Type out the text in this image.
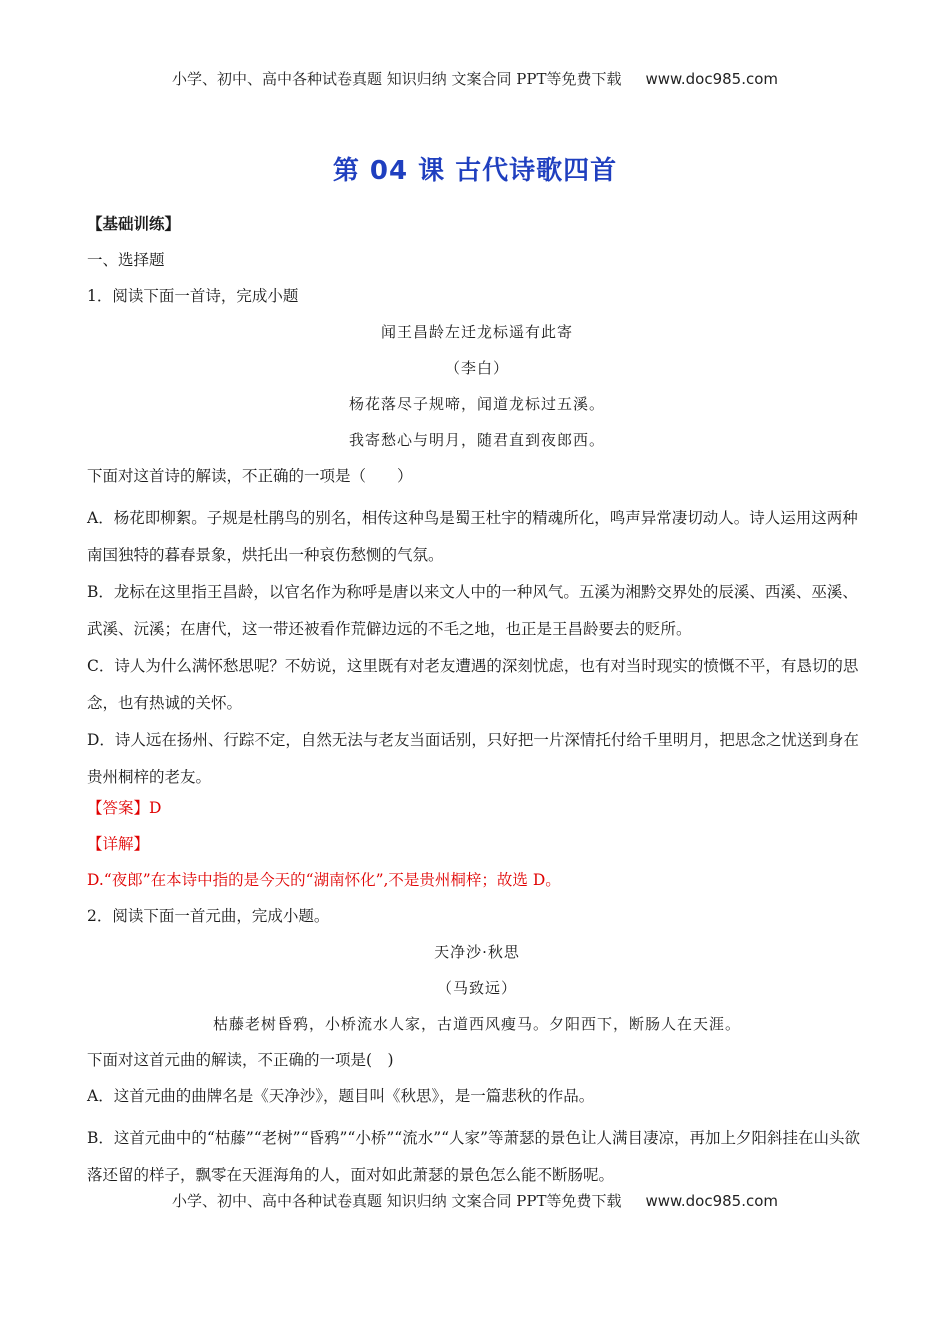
小学、初中、高中各种试卷真题 知识归纳 文案合同 PPT等免费下载 www.doc985.com
第 04 课 古代诗歌四首

【基础训练】

一、选择题

1．阅读下面一首诗，完成小题

闻王昌龄左迁龙标遥有此寄

（李白）

杨花落尽子规啼，闻道龙标过五溪。

我寄愁心与明月，随君直到夜郎西。

下面对这首诗的解读，不正确的一项是（　　）

A．杨花即柳絮。子规是杜鹃鸟的别名，相传这种鸟是蜀王杜宇的精魂所化，鸣声异常凄切动人。诗人运用这两种南国独特的暮春景象，烘托出一种哀伤愁恻的气氛。

B．龙标在这里指王昌龄，以官名作为称呼是唐以来文人中的一种风气。五溪为湘黔交界处的辰溪、西溪、巫溪、武溪、沅溪；在唐代，这一带还被看作荒僻边远的不毛之地，也正是王昌龄要去的贬所。

C．诗人为什么满怀愁思呢？不妨说，这里既有对老友遭遇的深刻忧虑，也有对当时现实的愤慨不平，有恳切的思念，也有热诚的关怀。

D．诗人远在扬州、行踪不定，自然无法与老友当面话别，只好把一片深情托付给千里明月，把思念之忧送到身在贵州桐梓的老友。

【答案】D

【详解】

D.“夜郎”在本诗中指的是今天的“湖南怀化”,不是贵州桐梓；故选 D。

2．阅读下面一首元曲，完成小题。

天净沙·秋思

（马致远）

枯藤老树昏鸦，小桥流水人家，古道西风瘦马。夕阳西下，断肠人在天涯。

下面对这首元曲的解读，不正确的一项是(　)

A．这首元曲的曲牌名是《天净沙》，题目叫《秋思》，是一篇悲秋的作品。

B．这首元曲中的“枯藤”“老树”“昏鸦”“小桥”“流水”“人家”等萧瑟的景色让人满目凄凉，再加上夕阳斜挂在山头欲落还留的样子，飘零在天涯海角的人，面对如此萧瑟的景色怎么能不断肠呢。

小学、初中、高中各种试卷真题 知识归纳 文案合同 PPT等免费下载 www.doc985.com
